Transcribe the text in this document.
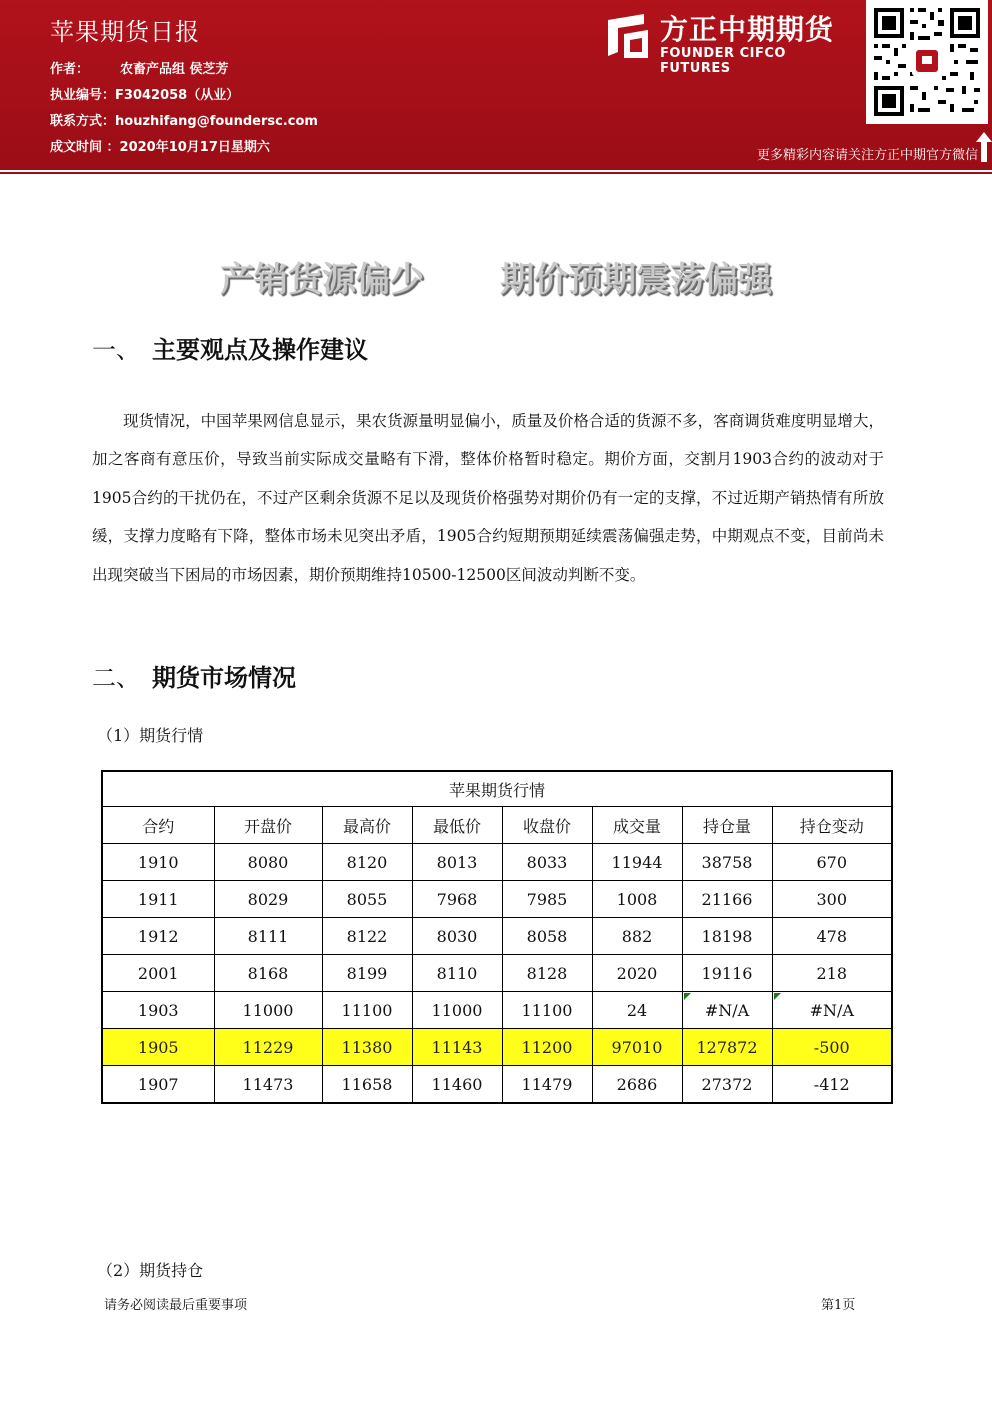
苹果期货日报
作者： 农畜产品组 侯芝芳
执业编号：F3042058（从业）
联系方式：houzhifang@foundersc.com
成文时间 ：2020年10月17日星期六
方正中期期货
FOUNDER CIFCO FUTURES
更多精彩内容请关注方正中期官方微信
产销货源偏少 期价预期震荡偏强
一、 主要观点及操作建议
现货情况，中国苹果网信息显示，果农货源量明显偏小，质量及价格合适的货源不多，客商调货难度明显增大，加之客商有意压价，导致当前实际成交量略有下滑，整体价格暂时稳定。期价方面，交割月1903合约的波动对于1905合约的干扰仍在，不过产区剩余货源不足以及现货价格强势对期价仍有一定的支撑，不过近期产销热情有所放缓，支撑力度略有下降，整体市场未见突出矛盾，1905合约短期预期延续震荡偏强走势，中期观点不变，目前尚未出现突破当下困局的市场因素，期价预期维持10500-12500区间波动判断不变。
二、 期货市场情况
（1）期货行情
苹果期货行情							
合约	开盘价	最高价	最低价	收盘价	成交量	持仓量	持仓变动
1910	8080	8120	8013	8033	11944	38758	670
1911	8029	8055	7968	7985	1008	21166	300
1912	8111	8122	8030	8058	882	18198	478
2001	8168	8199	8110	8128	2020	19116	218
1903	11000	11100	11000	11100	24	#N/A	#N/A
1905	11229	11380	11143	11200	97010	127872	-500
1907	11473	11658	11460	11479	2686	27372	-412
（2）期货持仓
请务必阅读最后重要事项	第1页
